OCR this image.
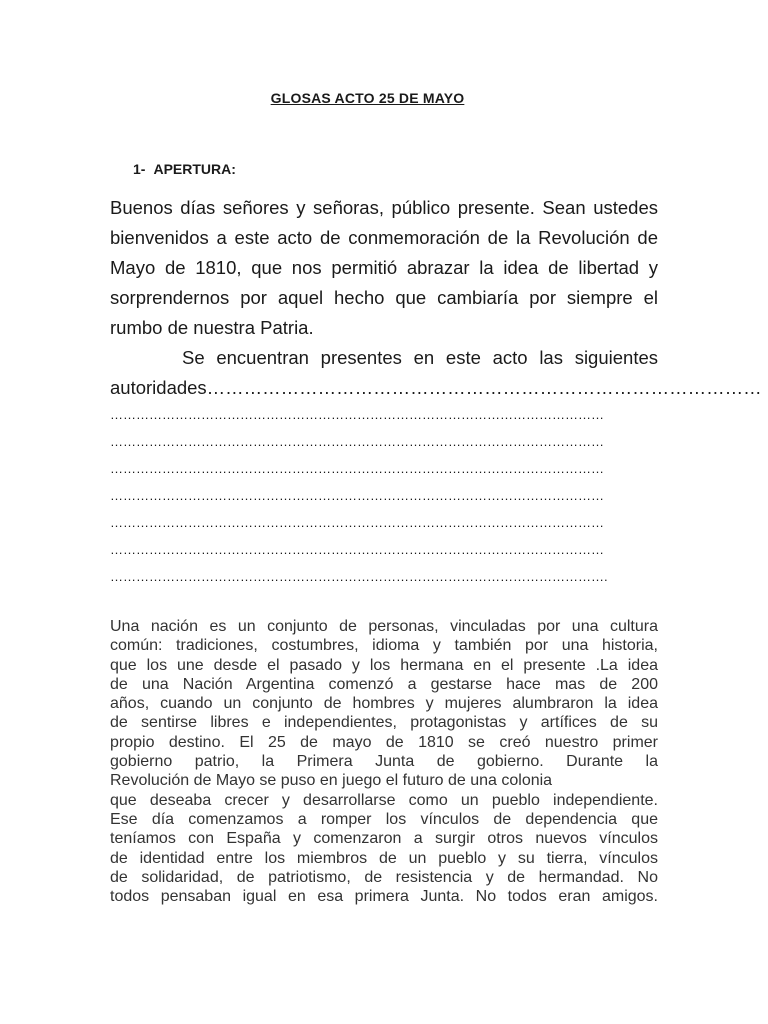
GLOSAS ACTO 25 DE MAYO
1- APERTURA:
Buenos días señores y señoras, público presente. Sean ustedes bienvenidos a este acto de conmemoración de la Revolución de Mayo de 1810, que nos permitió abrazar la idea de libertad y sorprendernos por aquel hecho que cambiaría por siempre el rumbo de nuestra Patria.
Se encuentran presentes en este acto las siguientes autoridades………………………………………………………………………………
……………………………………………………………………………………………………
……………………………………………………………………………………………………
……………………………………………………………………………………………………
……………………………………………………………………………………………………
……………………………………………………………………………………………………
……………………………………………………………………………………………………
…………………………………………………………………………………………………….
Una nación es un conjunto de personas, vinculadas por una cultura
común: tradiciones, costumbres, idioma y también por una historia,
que los une desde el pasado y los hermana en el presente .La idea
de una Nación Argentina comenzó a gestarse hace mas de 200
años, cuando un conjunto de hombres y mujeres alumbraron la idea
de sentirse libres e independientes, protagonistas y artífices de su
propio destino. El 25 de mayo de 1810 se creó nuestro primer
gobierno patrio, la Primera Junta de gobierno. Durante la
Revolución de Mayo se puso en juego el futuro de una colonia
que deseaba crecer y desarrollarse como un pueblo independiente.
Ese día comenzamos a romper los vínculos de dependencia que
teníamos con España y comenzaron a surgir otros nuevos vínculos
de identidad entre los miembros de un pueblo y su tierra, vínculos
de solidaridad, de patriotismo, de resistencia y de hermandad. No
todos pensaban igual en esa primera Junta. No todos eran amigos.
